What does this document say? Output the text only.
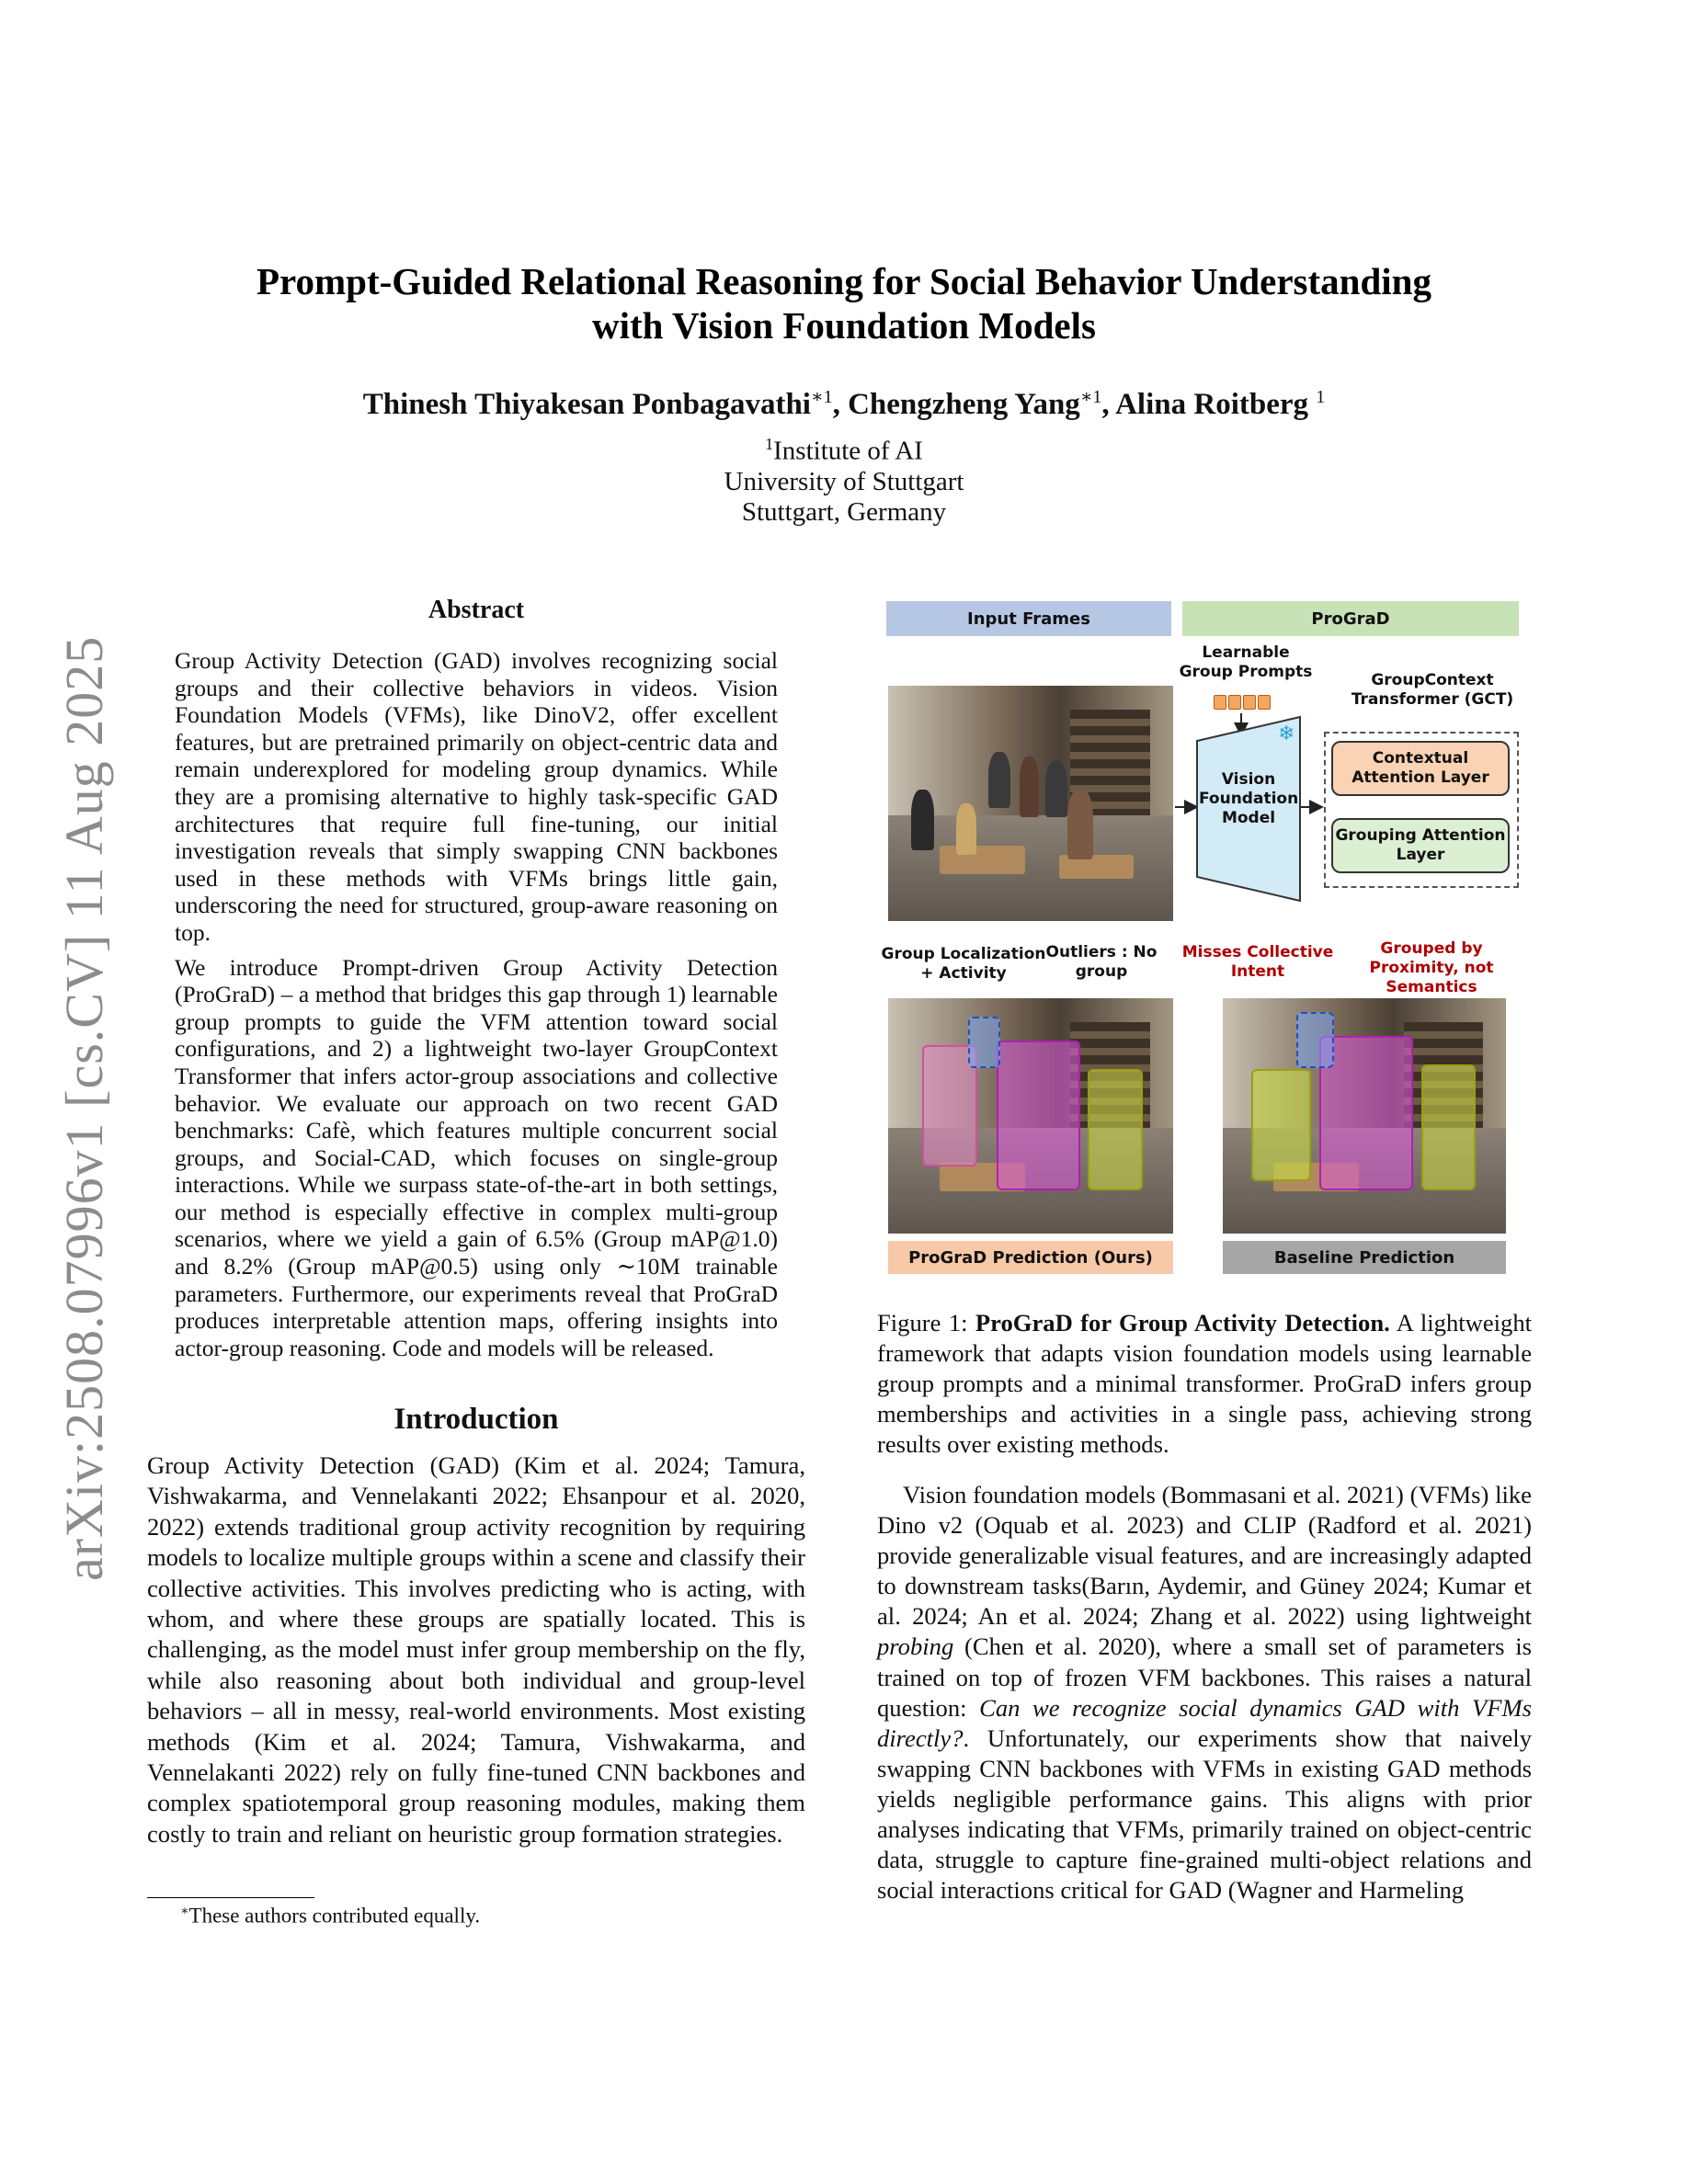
Prompt-Guided Relational Reasoning for Social Behavior Understanding
with Vision Foundation Models
Thinesh Thiyakesan Ponbagavathi$^{∗1}$, Chengzheng Yang$^{∗1}$, Alina Roitberg $^1$
$^1$Institute of AI
University of Stuttgart
Stuttgart, Germany
arXiv:2508.07996v1 [cs.CV] 11 Aug 2025
Abstract

Group Activity Detection (GAD) involves recognizing social groups and their collective behaviors in videos. Vision Foundation Models (VFMs), like DinoV2, offer excellent features, but are pretrained primarily on object-centric data and remain underexplored for modeling group dynamics. While they are a promising alternative to highly task-specific GAD architectures that require full fine-tuning, our initial investigation reveals that simply swapping CNN backbones used in these methods with VFMs brings little gain, underscoring the need for structured, group-aware reasoning on top.

We introduce Prompt-driven Group Activity Detection (ProGraD) – a method that bridges this gap through 1) learnable group prompts to guide the VFM attention toward social configurations, and 2) a lightweight two-layer GroupContext Transformer that infers actor-group associations and collective behavior. We evaluate our approach on two recent GAD benchmarks: Cafè, which features multiple concurrent social groups, and Social-CAD, which focuses on single-group interactions. While we surpass state-of-the-art in both settings, our method is especially effective in complex multi-group scenarios, where we yield a gain of 6.5% (Group mAP@1.0) and 8.2% (Group mAP@0.5) using only ∼10M trainable parameters. Furthermore, our experiments reveal that ProGraD produces interpretable attention maps, offering insights into actor-group reasoning. Code and models will be released.

Introduction

Group Activity Detection (GAD) (Kim et al. 2024; Tamura, Vishwakarma, and Vennelakanti 2022; Ehsanpour et al. 2020, 2022) extends traditional group activity recognition by requiring models to localize multiple groups within a scene and classify their collective activities. This involves predicting who is acting, with whom, and where these groups are spatially located. This is challenging, as the model must infer group membership on the fly, while also reasoning about both individual and group-level behaviors – all in messy, real-world environments. Most existing methods (Kim et al. 2024; Tamura, Vishwakarma, and Vennelakanti 2022) rely on fully fine-tuned CNN backbones and complex spatiotemporal group reasoning modules, making them costly to train and reliant on heuristic group formation strategies.

∗These authors contributed equally.
Input Frames	ProGraD
Learnable Group Prompts	GroupContext Transformer (GCT)
❄
Vision Foundation Model
Contextual Attention Layer
Grouping Attention Layer
Group Localization + Activity
Outliers : No group
Misses Collective Intent
Grouped by Proximity, not Semantics
ProGraD Prediction (Ours)	Baseline Prediction
Figure 1: ProGraD for Group Activity Detection. A lightweight framework that adapts vision foundation models using learnable group prompts and a minimal transformer. ProGraD infers group memberships and activities in a single pass, achieving strong results over existing methods.

Vision foundation models (Bommasani et al. 2021) (VFMs) like Dino v2 (Oquab et al. 2023) and CLIP (Radford et al. 2021) provide generalizable visual features, and are increasingly adapted to downstream tasks(Barın, Aydemir, and Güney 2024; Kumar et al. 2024; An et al. 2024; Zhang et al. 2022) using lightweight probing (Chen et al. 2020), where a small set of parameters is trained on top of frozen VFM backbones. This raises a natural question: Can we recognize social dynamics GAD with VFMs directly?. Unfortunately, our experiments show that naively swapping CNN backbones with VFMs in existing GAD methods yields negligible performance gains. This aligns with prior analyses indicating that VFMs, primarily trained on object-centric data, struggle to capture fine-grained multi-object relations and social interactions critical for GAD (Wagner and Harmeling
